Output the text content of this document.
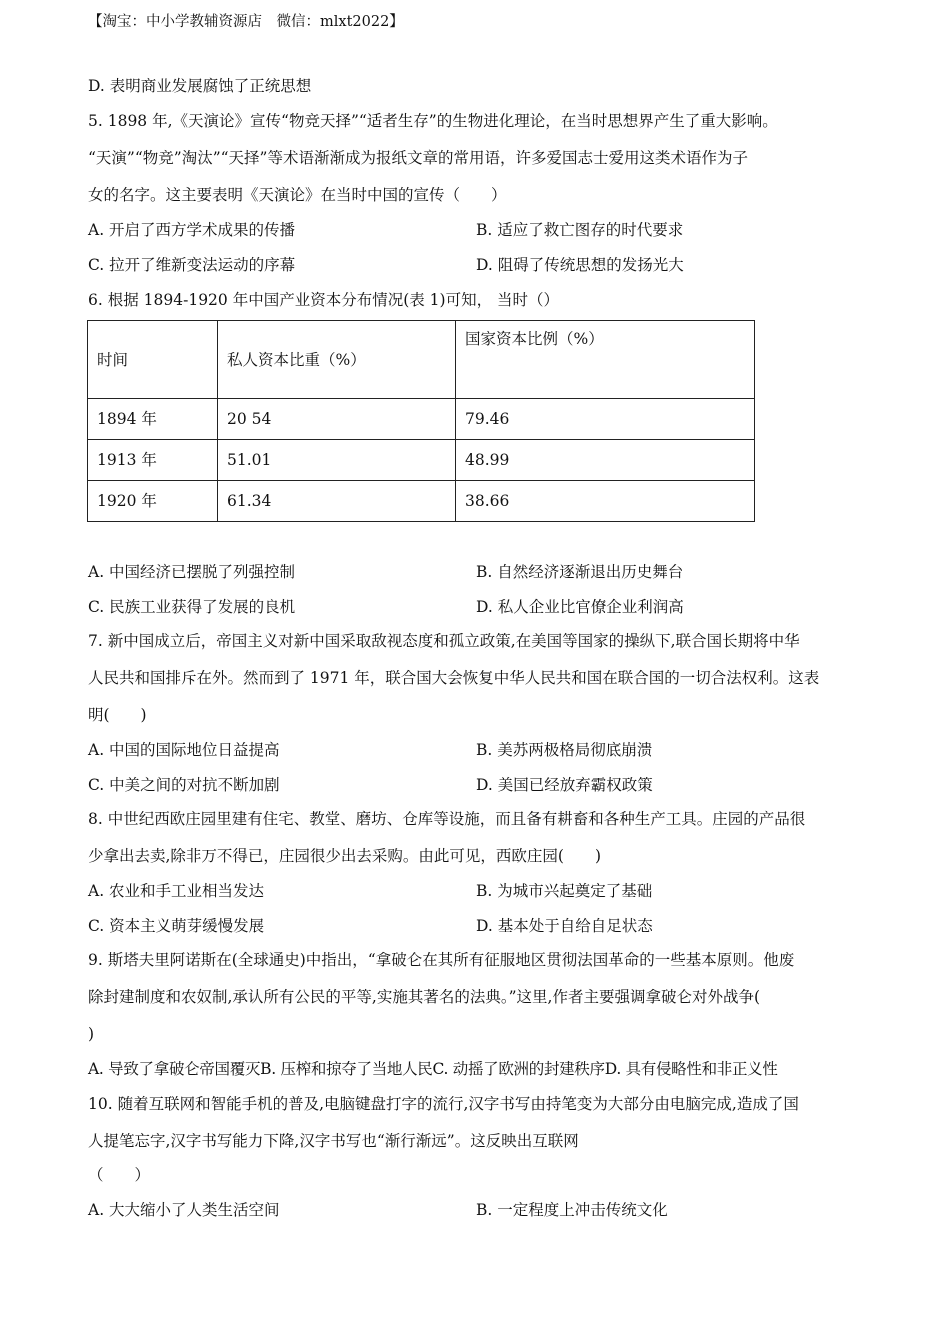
【淘宝：中小学教辅资源店　微信：mlxt2022】
D. 表明商业发展腐蚀了正统思想
5. 1898 年,《天演论》宣传“物竞天择”“适者生存”的生物进化理论，在当时思想界产生了重大影响。
“天演”“物竞”淘汰”“天择”等术语渐渐成为报纸文章的常用语，许多爱国志士爱用这类术语作为子
女的名字。这主要表明《天演论》在当时中国的宣传（　　）
A. 开启了西方学术成果的传播	B. 适应了救亡图存的时代要求
C. 拉开了维新变法运动的序幕	D. 阻碍了传统思想的发扬光大
6. 根据 1894-1920 年中国产业资本分布情况(表 1)可知， 当时（）
时间	私人资本比重（%）	国家资本比例（%）
1894 年	20 54	79.46
1913 年	51.01	48.99
1920 年	61.34	38.66
A. 中国经济已摆脱了列强控制	B. 自然经济逐渐退出历史舞台
C. 民族工业获得了发展的良机	D. 私人企业比官僚企业利润高
7. 新中国成立后，帝国主义对新中国采取敌视态度和孤立政策,在美国等国家的操纵下,联合国长期将中华
人民共和国排斥在外。然而到了 1971 年，联合国大会恢复中华人民共和国在联合国的一切合法权利。这表
明(　　)
A. 中国的国际地位日益提高	B. 美苏两极格局彻底崩溃
C. 中美之间的对抗不断加剧	D. 美国已经放弃霸权政策
8. 中世纪西欧庄园里建有住宅、教堂、磨坊、仓库等设施，而且备有耕畜和各种生产工具。庄园的产品很
少拿出去卖,除非万不得已，庄园很少出去采购。由此可见，西欧庄园(　　)
A. 农业和手工业相当发达	B. 为城市兴起奠定了基础
C. 资本主义萌芽缓慢发展	D. 基本处于自给自足状态
9. 斯塔夫里阿诺斯在(全球通史)中指出，“拿破仑在其所有征服地区贯彻法国革命的一些基本原则。他废
除封建制度和农奴制,承认所有公民的平等,实施其著名的法典。”这里,作者主要强调拿破仑对外战争(
)
A. 导致了拿破仑帝国覆灭B. 压榨和掠夺了当地人民C. 动摇了欧洲的封建秩序D. 具有侵略性和非正义性
10. 随着互联网和智能手机的普及,电脑键盘打字的流行,汉字书写由持笔变为大部分由电脑完成,造成了国
人提笔忘字,汉字书写能力下降,汉字书写也“渐行渐远”。这反映出互联网
（　　）
A. 大大缩小了人类生活空间	B. 一定程度上冲击传统文化
